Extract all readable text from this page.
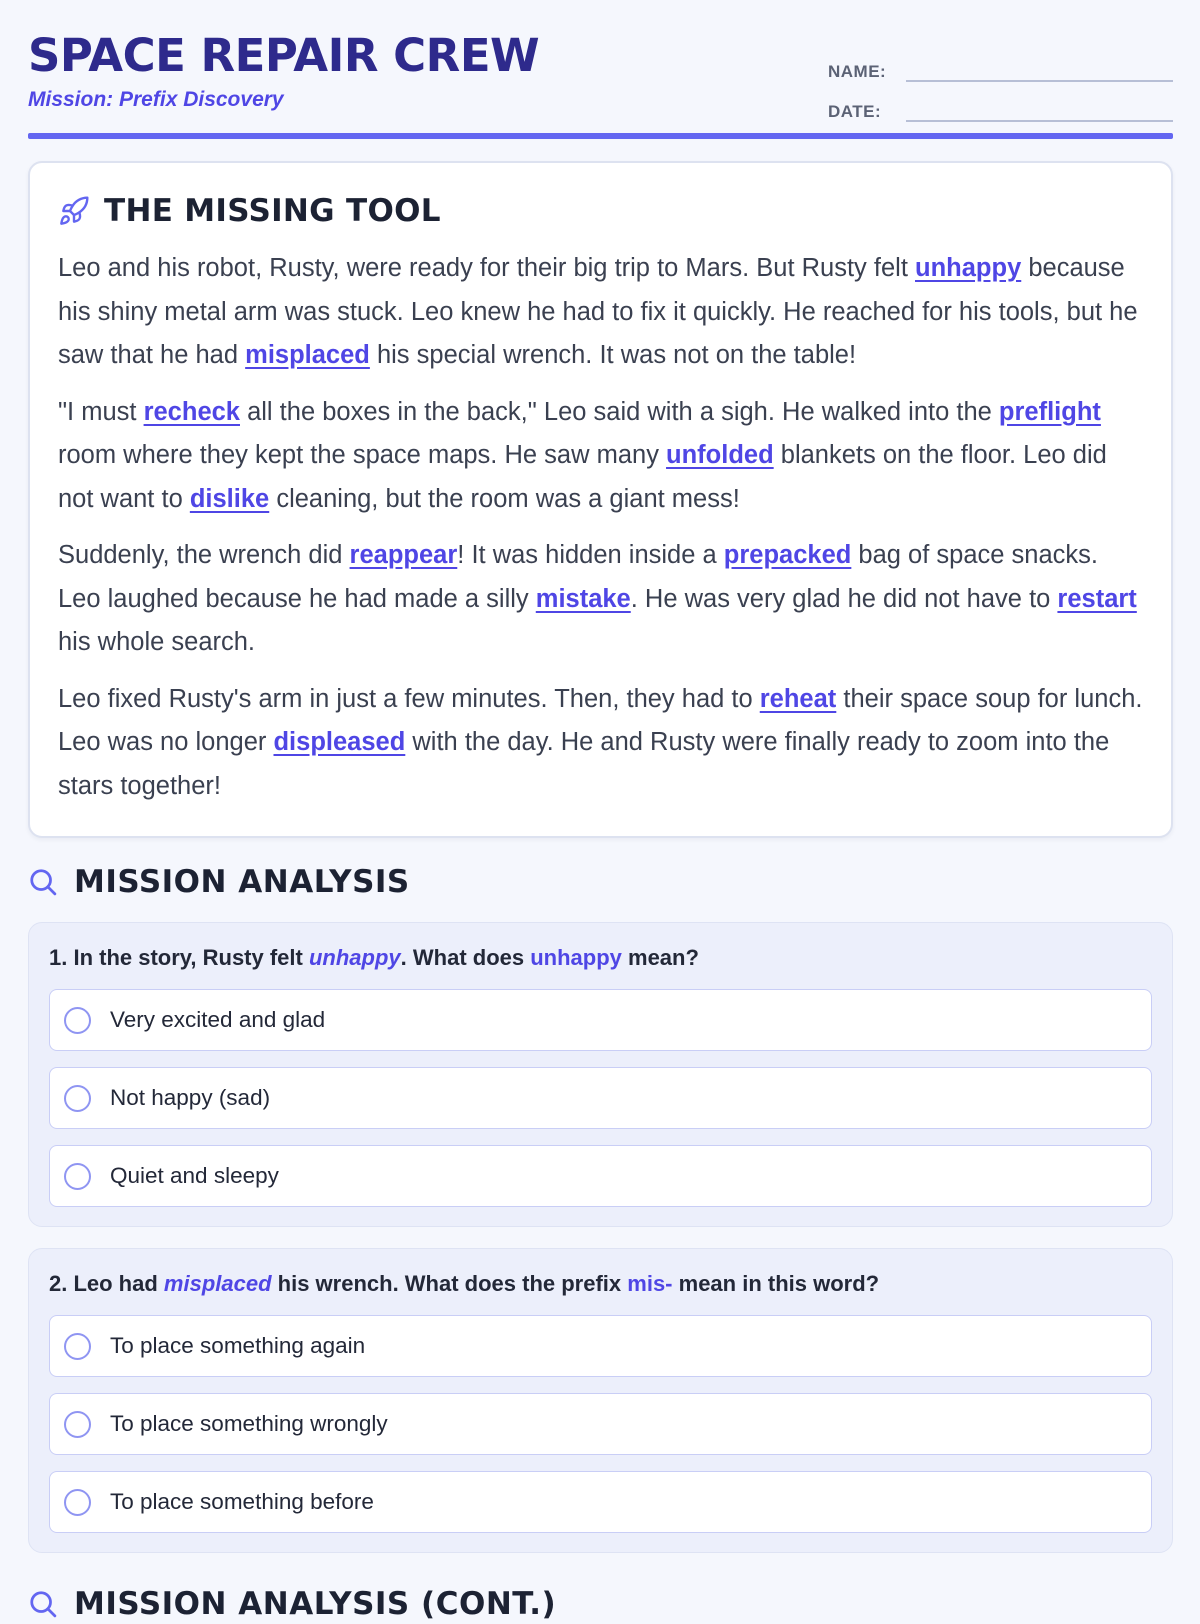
SPACE REPAIR CREW
Mission: Prefix Discovery
NAME:
DATE:
THE MISSING TOOL

Leo and his robot, Rusty, were ready for their big trip to Mars. But Rusty felt unhappy because his shiny metal arm was stuck. Leo knew he had to fix it quickly. He reached for his tools, but he saw that he had misplaced his special wrench. It was not on the table!

"I must recheck all the boxes in the back," Leo said with a sigh. He walked into the preflight room where they kept the space maps. He saw many unfolded blankets on the floor. Leo did not want to dislike cleaning, but the room was a giant mess!

Suddenly, the wrench did reappear! It was hidden inside a prepacked bag of space snacks. Leo laughed because he had made a silly mistake. He was very glad he did not have to restart his whole search.

Leo fixed Rusty's arm in just a few minutes. Then, they had to reheat their space soup for lunch. Leo was no longer displeased with the day. He and Rusty were finally ready to zoom into the stars together!

MISSION ANALYSIS
1. In the story, Rusty felt unhappy. What does unhappy mean?
Very excited and glad
Not happy (sad)
Quiet and sleepy
2. Leo had misplaced his wrench. What does the prefix mis- mean in this word?
To place something again
To place something wrongly
To place something before
MISSION ANALYSIS (CONT.)
